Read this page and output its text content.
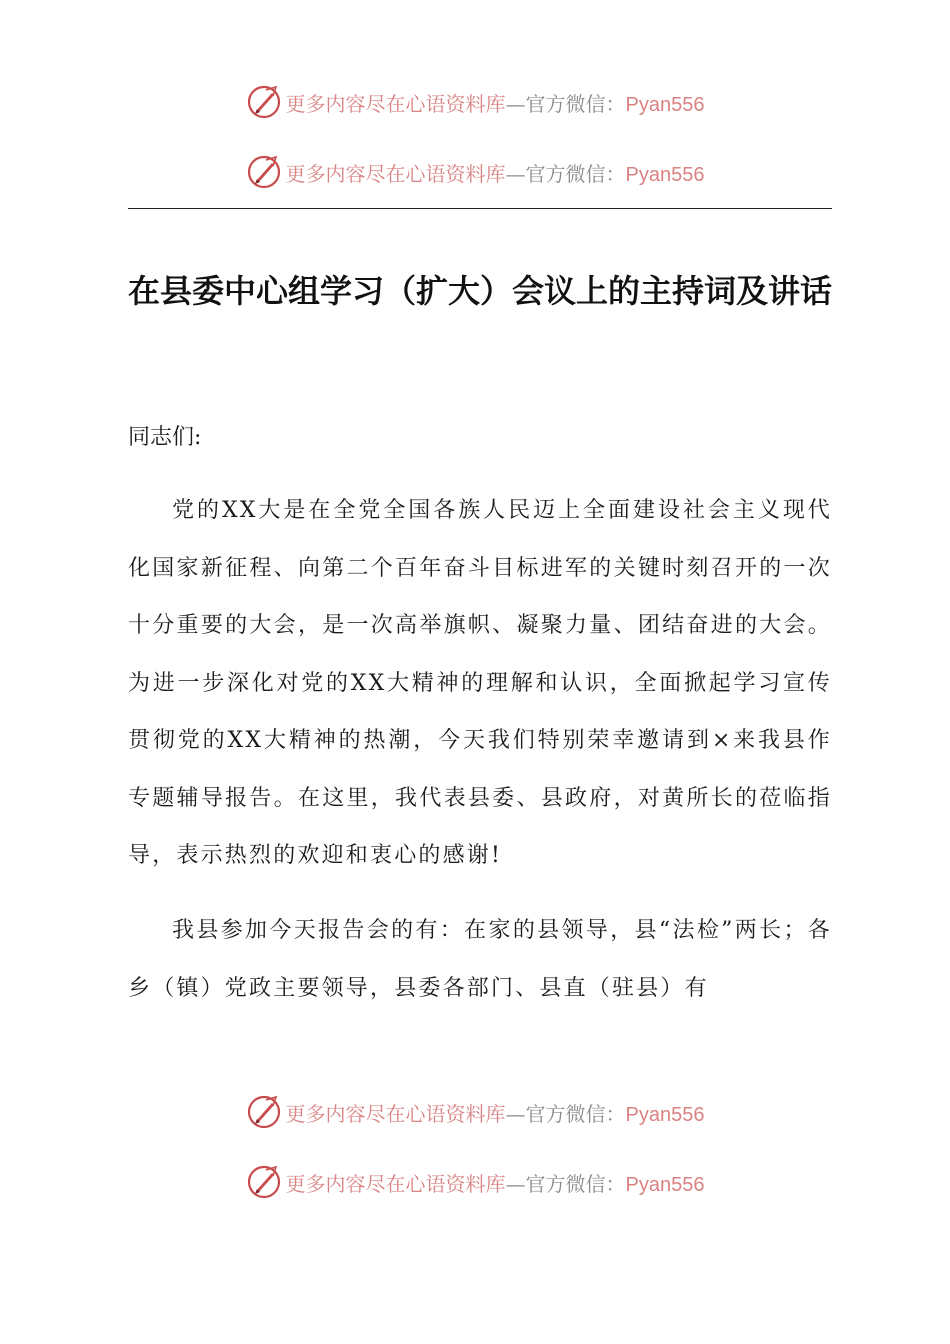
更多内容尽在心语资料库—官方微信：Pyan556
更多内容尽在心语资料库—官方微信：Pyan556
在县委中心组学习（扩大）会议上的主持词及讲话
同志们:
党的XX大是在全党全国各族人民迈上全面建设社会主义现代化国家新征程、向第二个百年奋斗目标进军的关键时刻召开的一次十分重要的大会，是一次高举旗帜、凝聚力量、团结奋进的大会。为进一步深化对党的XX大精神的理解和认识，全面掀起学习宣传贯彻党的XX大精神的热潮，今天我们特别荣幸邀请到×来我县作专题辅导报告。在这里，我代表县委、县政府，对黄所长的莅临指导，表示热烈的欢迎和衷心的感谢!
我县参加今天报告会的有：在家的县领导，县“法检”两长；各乡（镇）党政主要领导，县委各部门、县直（驻县）有
更多内容尽在心语资料库—官方微信：Pyan556
更多内容尽在心语资料库—官方微信：Pyan556
